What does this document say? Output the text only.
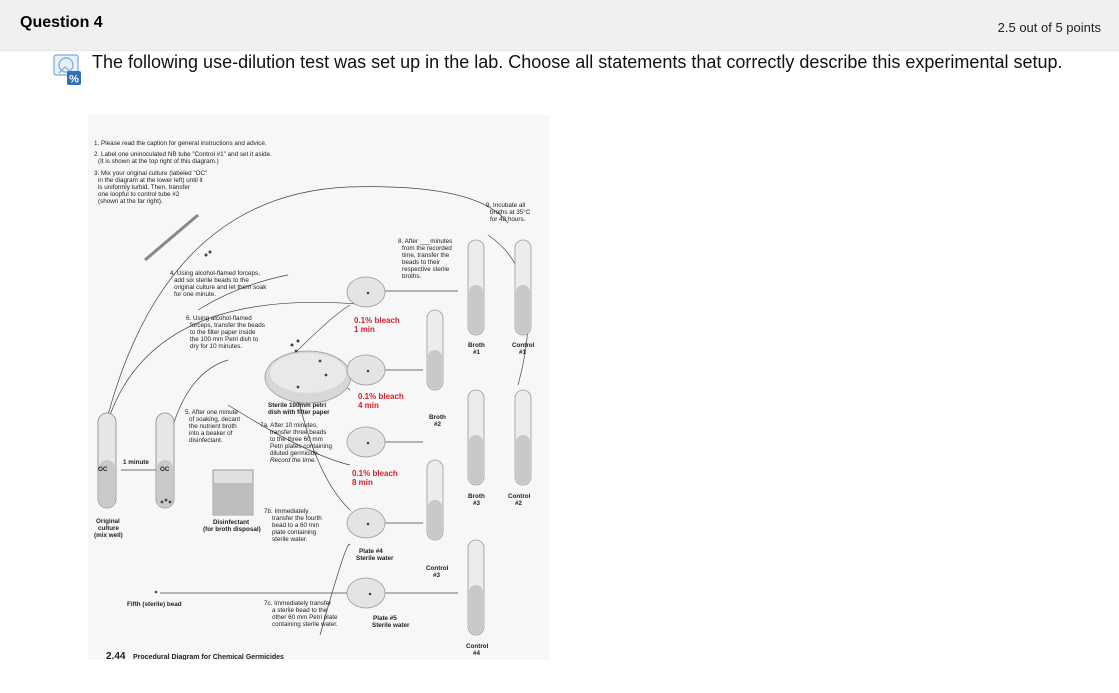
Question 4	2.5 out of 5 points
%
The following use-dilution test was set up in the lab. Choose all statements that correctly describe this experimental setup.
1. Please read the caption for general instructions and advice.
2. Label one uninoculated NB tube "Control #1" and set it aside.
(It is shown at the top right of this diagram.)
3. Mix your original culture (labeled "OC"
in the diagram at the lower left) until it
is uniformly turbid. Then, transfer
one loopful to control tube #2
(shown at the far right).
4. Using alcohol-flamed forceps,
add six sterile beads to the
original culture and let them soak
for one minute.
6. Using alcohol-flamed
forceps, transfer the beads
to the filter paper inside
the 100 mm Petri dish to
dry for 10 minutes.
5. After one minute
of soaking, decant
the nutrient broth
into a beaker of
disinfectant.
Sterile 100mm petri
dish with filter paper
7a. After 10 minutes,
transfer three beads
to the three 60 mm
Petri plates containing
diluted germicide.
Record the time.
7b. Immediately
transfer the fourth
bead to a 60 mm
plate containing
sterile water.
7c. Immediately transfer
a sterile bead to the
other 60 mm Petri plate
containing sterile water.
8. After ___minutes
from the recorded
time, transfer the
beads to their
respective sterile
broths.
9. Incubate all
broths at 35°C
for 48 hours.
0.1% bleach
1 min
0.1% bleach
4 min
0.1% bleach
8 min
1 minute
OC	OC
Original
culture
(mix well)
Disinfectant
(for broth disposal)
Fifth (sterile) bead
Plate #4
Sterile water
Plate #5
Sterile water
Broth
#1
Broth
#2
Broth
#3
Control
#1
Control
#2
Control
#3
Control
#4
2.44 Procedural Diagram for Chemical Germicides
